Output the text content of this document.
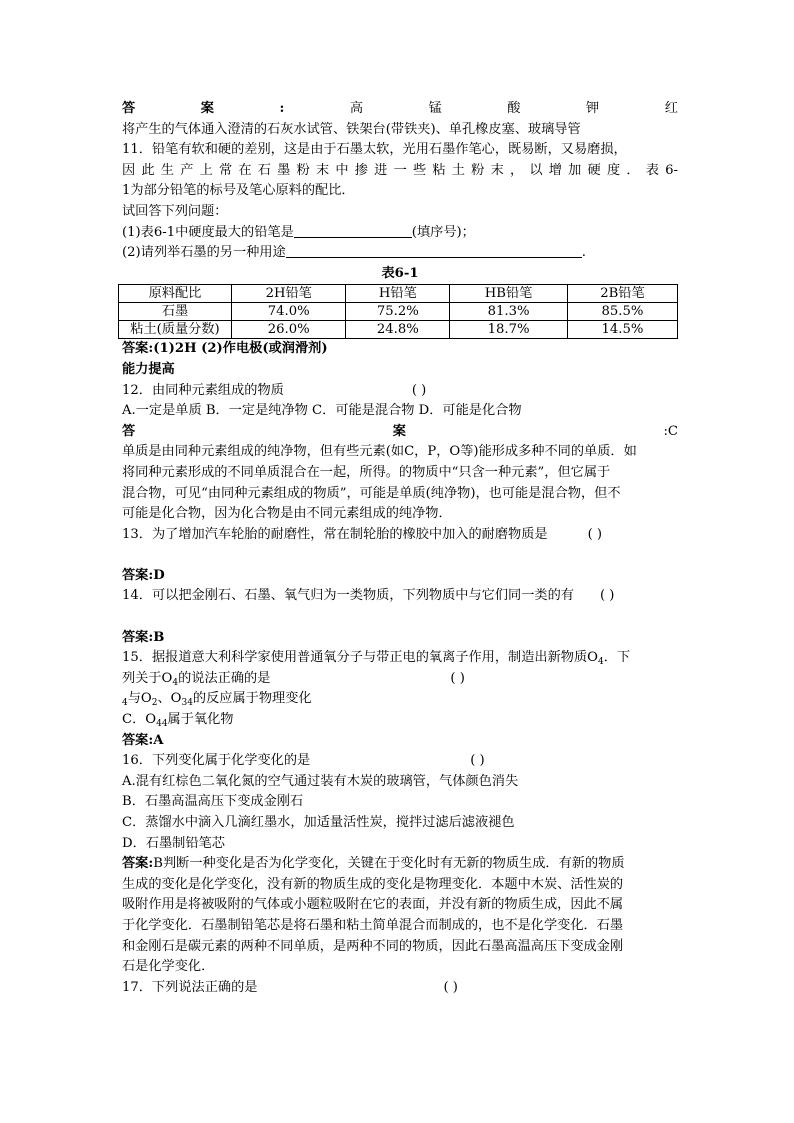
答	案	:	高	锰	酸	钾	红
将产生的气体通入澄清的石灰水试管、铁架台(带铁夹)、单孔橡皮塞、玻璃导管
11．铅笔有软和硬的差别，这是由于石墨太软，光用石墨作笔心，既易断，又易磨损，
因此生产上常在石墨粉末中掺进一些粘土粉末，以增加硬度．表6-
1为部分铅笔的标号及笔心原料的配比．
试回答下列问题：
(1)表6-1中硬度最大的铅笔是	(填序号)；
(2)请列举石墨的另一种用途	.
表6-1
原料配比	2H铅笔	H铅笔	HB铅笔	2B铅笔
石墨	74.0%	75.2%	81.3%	85.5%
粘土(质量分数)	26.0%	24.8%	18.7%	14.5%
答案:(1)2H (2)作电极(或润滑剂)
能力提高
12．由同种元素组成的物质	( )
A.一定是单质 B．一定是纯净物 C．可能是混合物 D．可能是化合物
答	案	:C
单质是由同种元素组成的纯净物，但有些元素(如C，P，O等)能形成多种不同的单质．如
将同种元素形成的不同单质混合在一起，所得。的物质中“只含一种元素”，但它属于
混合物，可见“由同种元素组成的物质”，可能是单质(纯净物)，也可能是混合物，但不
可能是化合物，因为化合物是由不同元素组成的纯净物．
13．为了增加汽车轮胎的耐磨性，常在制轮胎的橡胶中加入的耐磨物质是	( )
答案:D
14．可以把金刚石、石墨、氧气归为一类物质，下列物质中与它们同一类的有 ( )
答案:B
15．据报道意大利科学家使用普通氧分子与带正电的氧离子作用，制造出新物质$O_4$．下
列关于$O_4$的说法正确的是	( )
$_4$与$O_2$、$O_{34}$的反应属于物理变化
C．$O_{44}$属于氧化物
答案:A
16．下列变化属于化学变化的是	( )
A.混有红棕色二氧化氮的空气通过装有木炭的玻璃管，气体颜色消失
B．石墨高温高压下变成金刚石
C．蒸馏水中滴入几滴红墨水，加适量活性炭，搅拌过滤后滤液褪色
D．石墨制铅笔芯
答案:B判断一种变化是否为化学变化，关键在于变化时有无新的物质生成．有新的物质
生成的变化是化学变化，没有新的物质生成的变化是物理变化．本题中木炭、活性炭的
吸附作用是将被吸附的气体或小题粒吸附在它的表面，并没有新的物质生成，因此不属
于化学变化．石墨制铅笔芯是将石墨和粘土简单混合而制成的，也不是化学变化．石墨
和金刚石是碳元素的两种不同单质，是两种不同的物质，因此石墨高温高压下变成金刚
石是化学变化．
17．下列说法正确的是	( )
